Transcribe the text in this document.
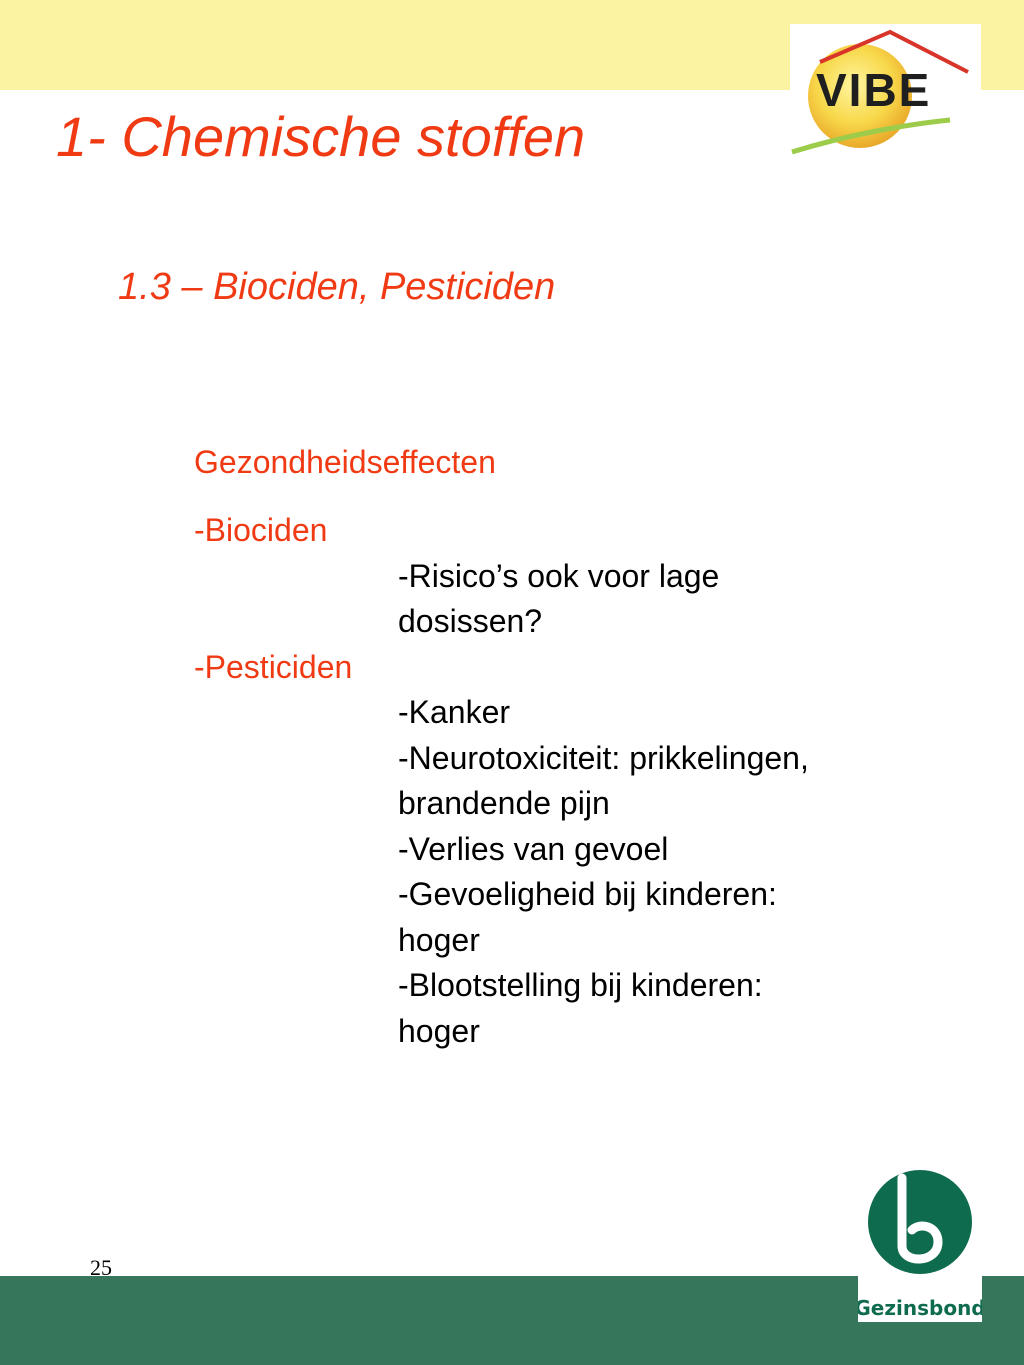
VIBE
1- Chemische stoffen
1.3 – Biociden, Pesticiden
Gezondheidseffecten
-Biociden
-Risico’s ook voor lage
dosissen?
-Pesticiden
-Kanker
-Neurotoxiciteit: prikkelingen,
brandende pijn
-Verlies van gevoel
-Gevoeligheid bij kinderen:
hoger
-Blootstelling bij kinderen:
hoger
25
Gezinsbond
